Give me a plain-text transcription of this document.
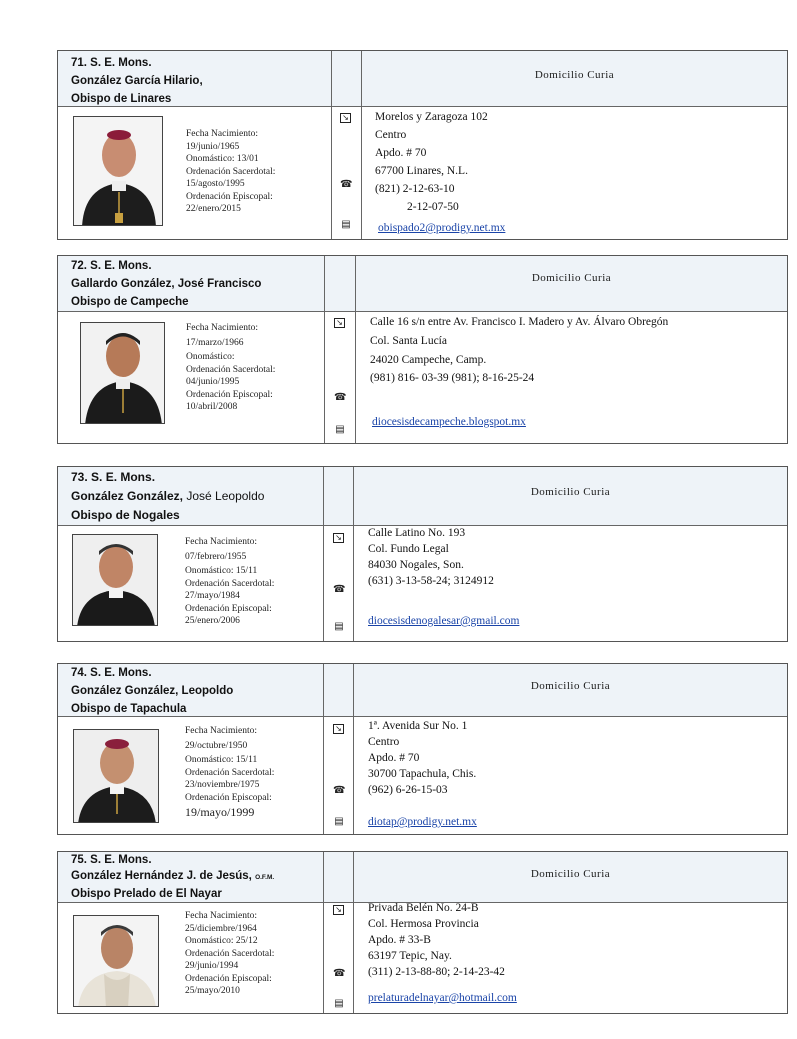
71. S. E. Mons.
González García Hilario,
Obispo de Linares
Domicilio Curia
Fecha Nacimiento:
19/junio/1965
Onomástico: 13/01
Ordenación Sacerdotal:
15/agosto/1995
Ordenación Episcopal:
22/enero/2015
↘
☎
▤
Morelos y Zaragoza 102
Centro
Apdo. # 70
67700 Linares, N.L.
(821) 2-12-63-10
2-12-07-50
obispado2@prodigy.net.mx
72. S. E. Mons.
Gallardo González, José Francisco
Obispo de Campeche
Domicilio Curia
Fecha Nacimiento:
17/marzo/1966
Onomástico:
Ordenación Sacerdotal:
04/junio/1995
Ordenación Episcopal:
10/abril/2008
↘
☎
▤
Calle 16 s/n entre Av. Francisco I. Madero y Av. Álvaro Obregón
Col. Santa Lucía
24020 Campeche, Camp.
(981) 816- 03-39 (981); 8-16-25-24
diocesisdecampeche.blogspot.mx
73. S. E. Mons.
González González, José Leopoldo
Obispo de Nogales
Domicilio Curia
Fecha Nacimiento:
07/febrero/1955
Onomástico: 15/11
Ordenación Sacerdotal:
27/mayo/1984
Ordenación Episcopal:
25/enero/2006
↘
☎
▤
Calle Latino No. 193
Col. Fundo Legal
84030 Nogales, Son.
(631) 3-13-58-24; 3124912
diocesisdenogalesar@gmail.com
74. S. E. Mons.
González González, Leopoldo
Obispo de Tapachula
Domicilio Curia
Fecha Nacimiento:
29/octubre/1950
Onomástico: 15/11
Ordenación Sacerdotal:
23/noviembre/1975
Ordenación Episcopal:
19/mayo/1999
↘
☎
▤
1ª. Avenida Sur No. 1
Centro
Apdo. # 70
30700 Tapachula, Chis.
(962) 6-26-15-03
diotap@prodigy.net.mx
75. S. E. Mons.
González Hernández J. de Jesús, O.F.M.
Obispo Prelado de El Nayar
Domicilio Curia
Fecha Nacimiento:
25/diciembre/1964
Onomástico: 25/12
Ordenación Sacerdotal:
29/junio/1994
Ordenación Episcopal:
25/mayo/2010
↘
☎
▤
Privada Belén No. 24-B
Col. Hermosa Provincia
Apdo. # 33-B
63197 Tepic, Nay.
(311) 2-13-88-80; 2-14-23-42
prelaturadelnayar@hotmail.com
